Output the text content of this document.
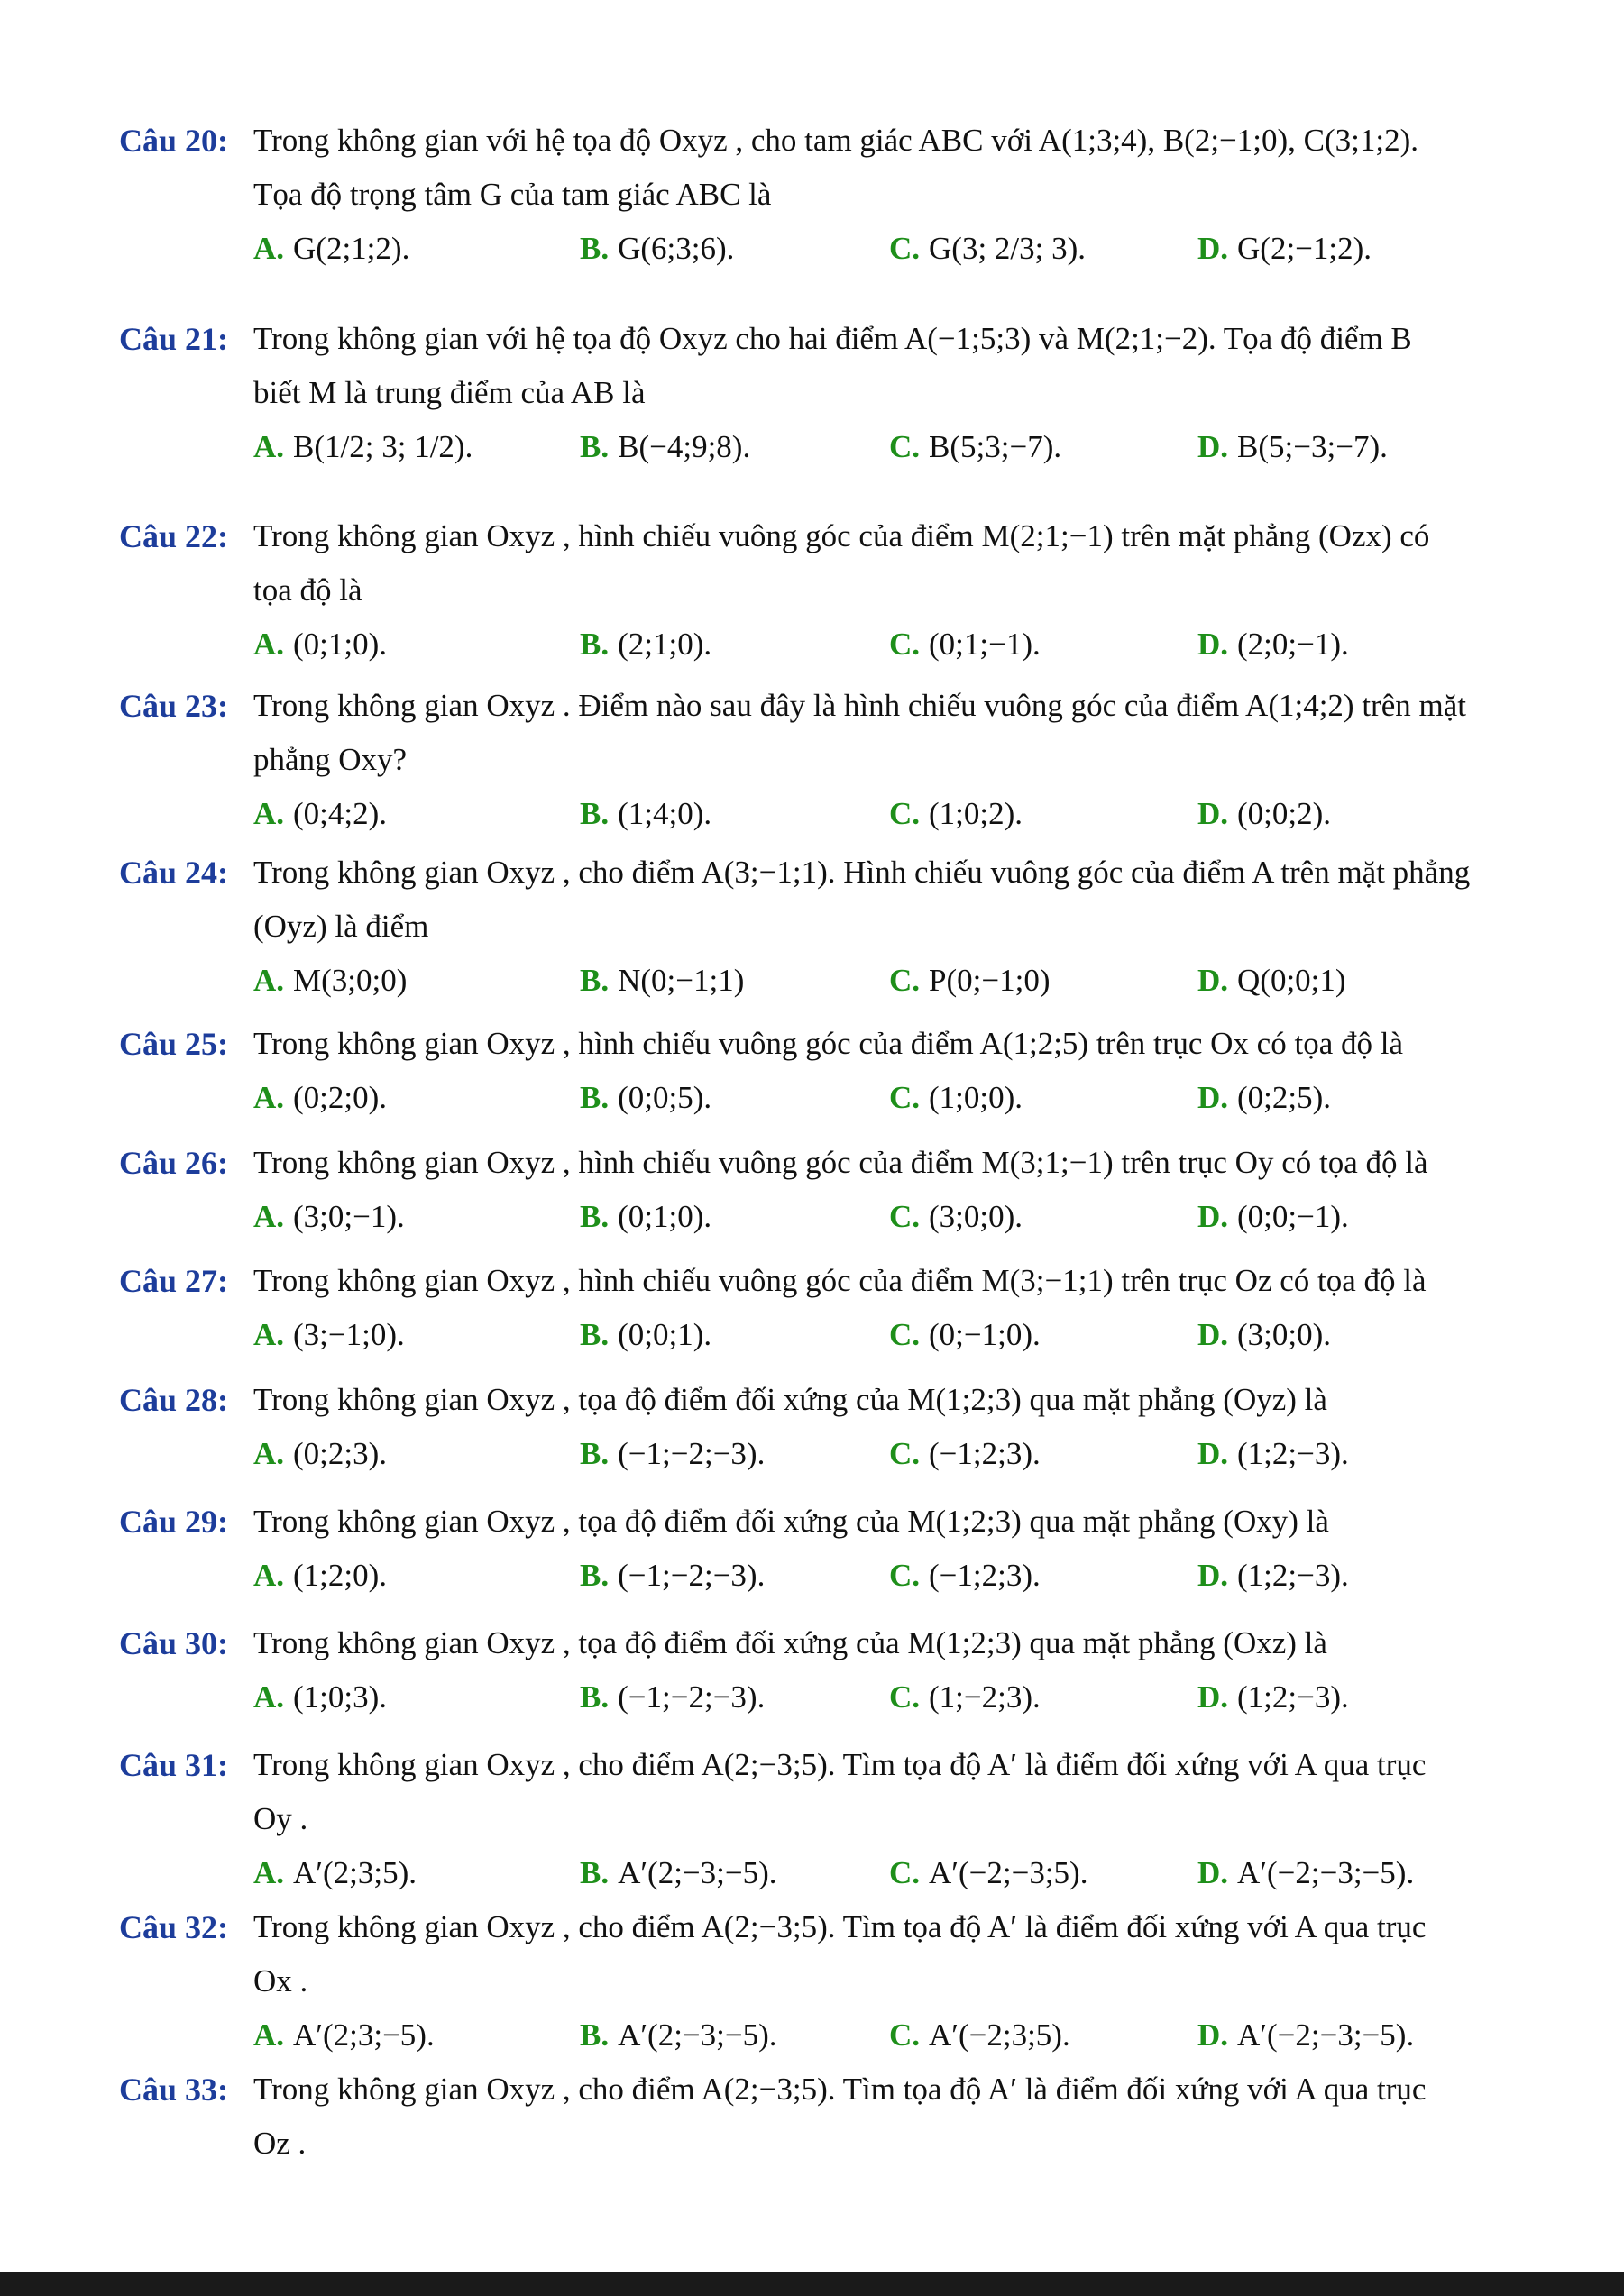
Câu 20: Trong không gian với hệ tọa độ Oxyz , cho tam giác ABC với A(1;3;4), B(2;−1;0), C(3;1;2).
Tọa độ trọng tâm G của tam giác ABC là
A. G(2;1;2).	B. G(6;3;6).	C. G(3; 2/3; 3).	D. G(2;−1;2).
Câu 21: Trong không gian với hệ tọa độ Oxyz cho hai điểm A(−1;5;3) và M(2;1;−2). Tọa độ điểm B
biết M là trung điểm của AB là
A. B(1/2; 3; 1/2).	B. B(−4;9;8).	C. B(5;3;−7).	D. B(5;−3;−7).
Câu 22: Trong không gian Oxyz , hình chiếu vuông góc của điểm M(2;1;−1) trên mặt phẳng (Ozx) có
tọa độ là
A. (0;1;0).	B. (2;1;0).	C. (0;1;−1).	D. (2;0;−1).
Câu 23: Trong không gian Oxyz . Điểm nào sau đây là hình chiếu vuông góc của điểm A(1;4;2) trên mặt
phẳng Oxy?
A. (0;4;2).	B. (1;4;0).	C. (1;0;2).	D. (0;0;2).
Câu 24: Trong không gian Oxyz , cho điểm A(3;−1;1). Hình chiếu vuông góc của điểm A trên mặt phẳng
(Oyz) là điểm
A. M(3;0;0)	B. N(0;−1;1)	C. P(0;−1;0)	D. Q(0;0;1)
Câu 25: Trong không gian Oxyz , hình chiếu vuông góc của điểm A(1;2;5) trên trục Ox có tọa độ là
A. (0;2;0).	B. (0;0;5).	C. (1;0;0).	D. (0;2;5).
Câu 26: Trong không gian Oxyz , hình chiếu vuông góc của điểm M(3;1;−1) trên trục Oy có tọa độ là
A. (3;0;−1).	B. (0;1;0).	C. (3;0;0).	D. (0;0;−1).
Câu 27: Trong không gian Oxyz , hình chiếu vuông góc của điểm M(3;−1;1) trên trục Oz có tọa độ là
A. (3;−1;0).	B. (0;0;1).	C. (0;−1;0).	D. (3;0;0).
Câu 28: Trong không gian Oxyz , tọa độ điểm đối xứng của M(1;2;3) qua mặt phẳng (Oyz) là
A. (0;2;3).	B. (−1;−2;−3).	C. (−1;2;3).	D. (1;2;−3).
Câu 29: Trong không gian Oxyz , tọa độ điểm đối xứng của M(1;2;3) qua mặt phẳng (Oxy) là
A. (1;2;0).	B. (−1;−2;−3).	C. (−1;2;3).	D. (1;2;−3).
Câu 30: Trong không gian Oxyz , tọa độ điểm đối xứng của M(1;2;3) qua mặt phẳng (Oxz) là
A. (1;0;3).	B. (−1;−2;−3).	C. (1;−2;3).	D. (1;2;−3).
Câu 31: Trong không gian Oxyz , cho điểm A(2;−3;5). Tìm tọa độ A′ là điểm đối xứng với A qua trục
Oy .
A. A′(2;3;5).	B. A′(2;−3;−5).	C. A′(−2;−3;5).	D. A′(−2;−3;−5).
Câu 32: Trong không gian Oxyz , cho điểm A(2;−3;5). Tìm tọa độ A′ là điểm đối xứng với A qua trục
Ox .
A. A′(2;3;−5).	B. A′(2;−3;−5).	C. A′(−2;3;5).	D. A′(−2;−3;−5).
Câu 33: Trong không gian Oxyz , cho điểm A(2;−3;5). Tìm tọa độ A′ là điểm đối xứng với A qua trục
Oz .
